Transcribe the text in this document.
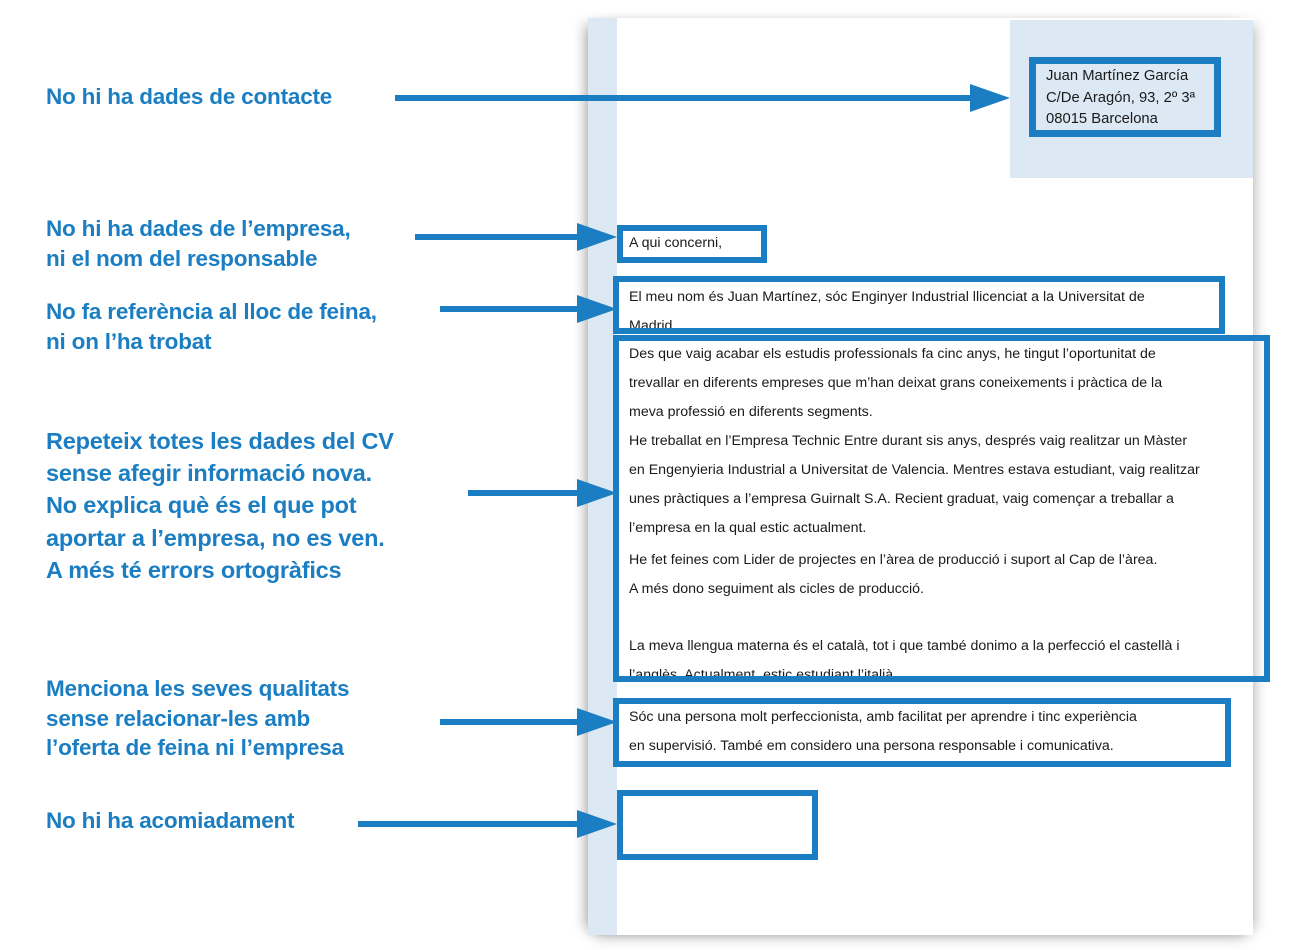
Juan Martínez García
C/De Aragón, 93, 2º 3ª
08015 Barcelona
A qui concerni,
El meu nom és Juan Martínez, sóc Enginyer Industrial llicenciat a la Universitat de
Madrid.
Des que vaig acabar els estudis professionals fa cinc anys, he tingut l’oportunitat de
trevallar en diferents empreses que m’han deixat grans coneixements i pràctica de la
meva professió en diferents segments.
He treballat en l’Empresa Technic Entre durant sis anys, després vaig realitzar un Màster
en Engenyieria Industrial a Universitat de Valencia. Mentres estava estudiant, vaig realitzar
unes pràctiques a l’empresa Guirnalt S.A. Recient graduat, vaig començar a treballar a
l’empresa en la qual estic actualment.
He fet feines com Lider de projectes en l’àrea de producció i suport al Cap de l’àrea.
A més dono seguiment als cicles de producció.
La meva llengua materna és el català, tot i que també donimo a la perfecció el castellà i
l’anglès. Actualment, estic estudiant l’italià.
Sóc una persona molt perfeccionista, amb facilitat per aprendre i tinc experiència
en supervisió. També em considero una persona responsable i comunicativa.
No hi ha dades de contacte
No hi ha dades de l’empresa,
ni el nom del responsable
No fa referència al lloc de feina,
ni on l’ha trobat
Repeteix totes les dades del CV
sense afegir informació nova.
No explica què és el que pot
aportar a l’empresa, no es ven.
A més té errors ortogràfics
Menciona les seves qualitats
sense relacionar-les amb
l’oferta de feina ni l’empresa
No hi ha acomiadament
